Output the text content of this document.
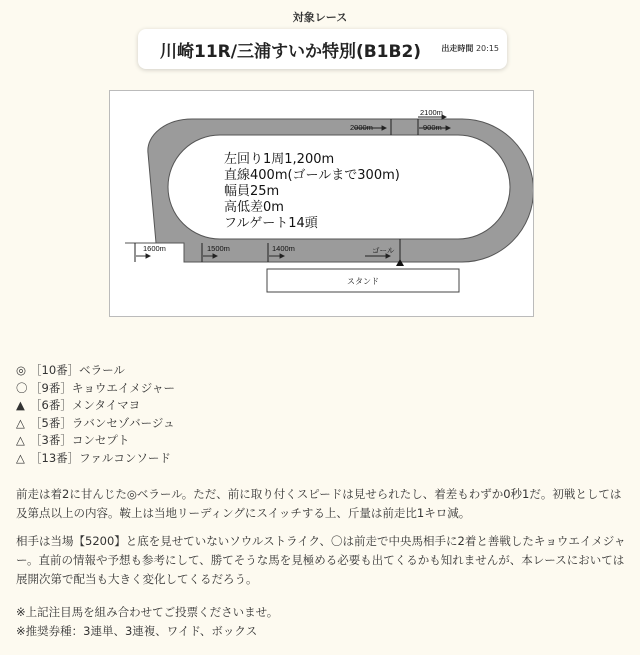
対象レース
川崎11R/三浦すいか特別(B1B2)	出走時間 20:15
2100m
2000m	900m
1600m	1500m	1400m	ゴール
スタンド
左回り1周1,200m
直線400m(ゴールまで300m)
幅員25m
高低差0m
フルゲート14頭
◎ ［10番］ベラール
〇 ［9番］キョウエイメジャー
▲ ［6番］メンタイマヨ
△ ［5番］ラバンセゾバージュ
△ ［3番］コンセプト
△ ［13番］ファルコンソード
前走は着2に甘んじた◎ベラール。ただ、前に取り付くスピードは見せられたし、着差もわずか0秒1だ。初戦としては及第点以上の内容。鞍上は当地リーディングにスイッチする上、斤量は前走比1キロ減。
相手は当場【5200】と底を見せていないソウルストライク、〇は前走で中央馬相手に2着と善戦したキョウエイメジャー。直前の情報や予想も参考にして、勝てそうな馬を見極める必要も出てくるかも知れませんが、本レースにおいては展開次第で配当も大きく変化してくるだろう。
※上記注目馬を組み合わせてご投票くださいませ。
※推奨券種：3連単、3連複、ワイド、ボックス
